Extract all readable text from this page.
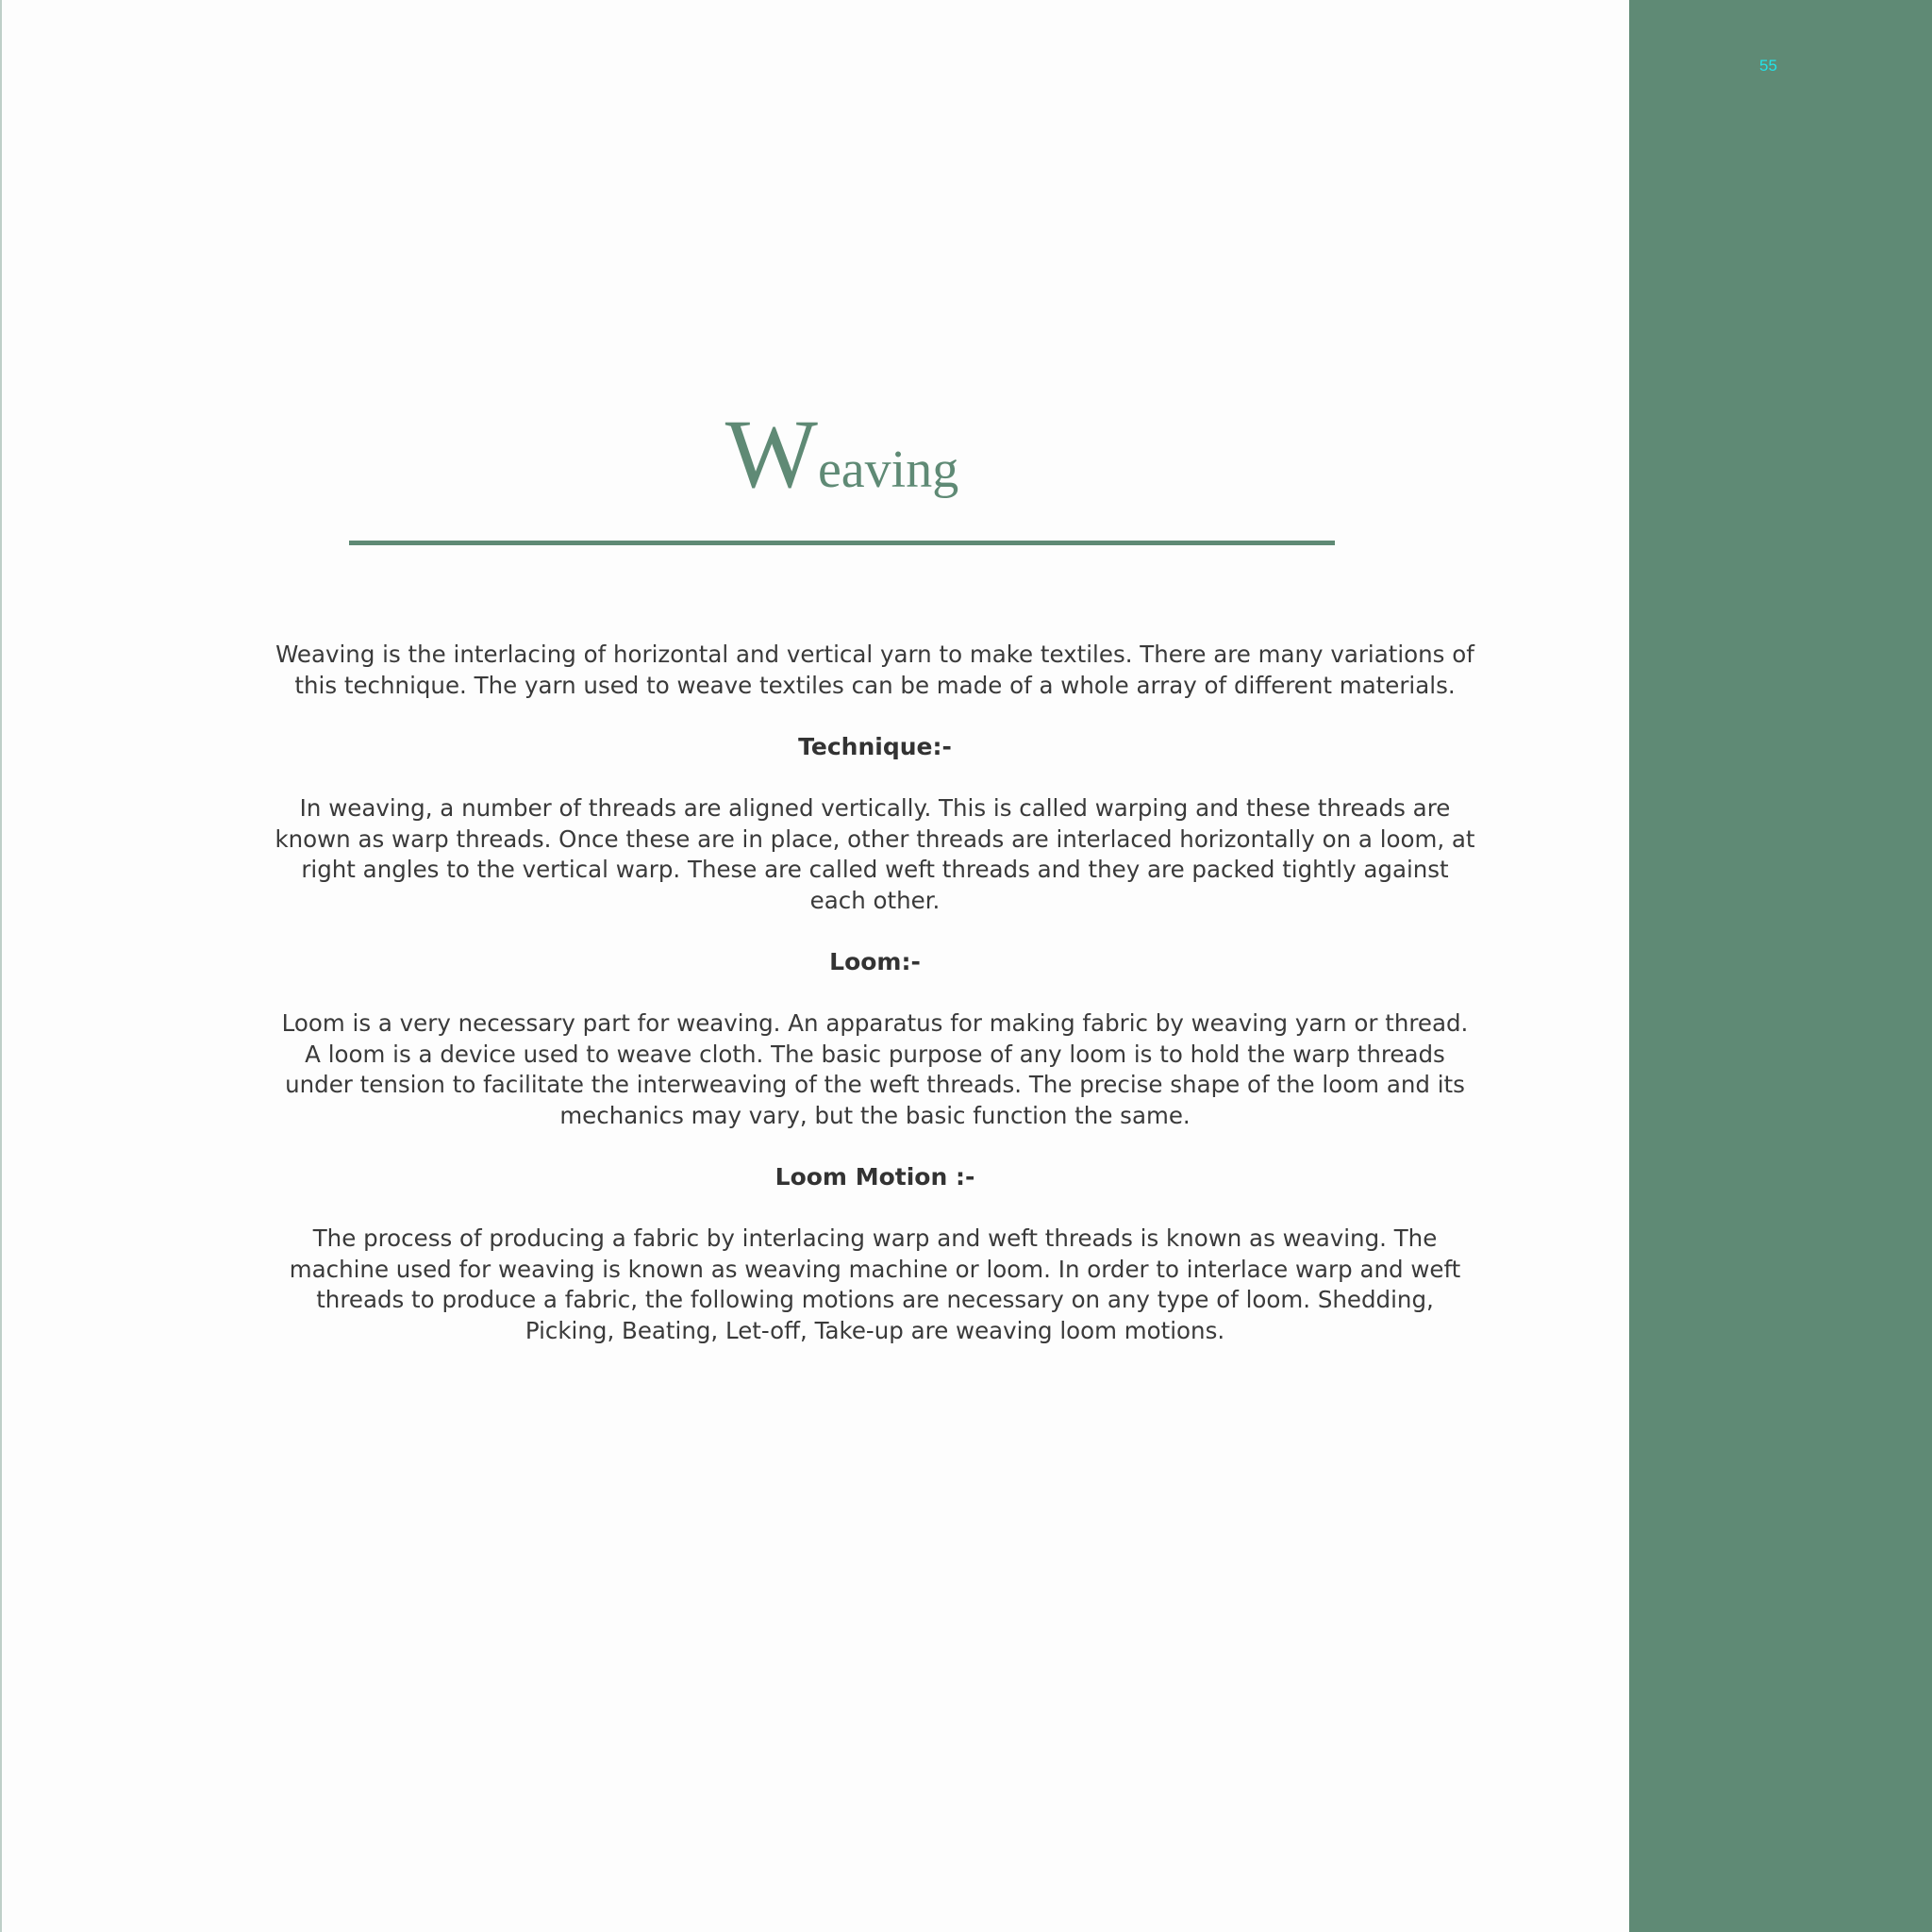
55
Weaving

Weaving is the interlacing of horizontal and vertical yarn to make textiles. There are many variations of this technique. The yarn used to weave textiles can be made of a whole array of different materials.

Technique:-

In weaving, a number of threads are aligned vertically. This is called warping and these threads are known as warp threads. Once these are in place, other threads are interlaced horizontally on a loom, at right angles to the vertical warp. These are called weft threads and they are packed tightly against each other.

Loom:-

Loom is a very necessary part for weaving. An apparatus for making fabric by weaving yarn or thread. A loom is a device used to weave cloth. The basic purpose of any loom is to hold the warp threads under tension to facilitate the interweaving of the weft threads. The precise shape of the loom and its mechanics may vary, but the basic function the same.

Loom Motion :-

The process of producing a fabric by interlacing warp and weft threads is known as weaving. The machine used for weaving is known as weaving machine or loom. In order to interlace warp and weft threads to produce a fabric, the following motions are necessary on any type of loom. Shedding, Picking, Beating, Let-off, Take-up are weaving loom motions.
